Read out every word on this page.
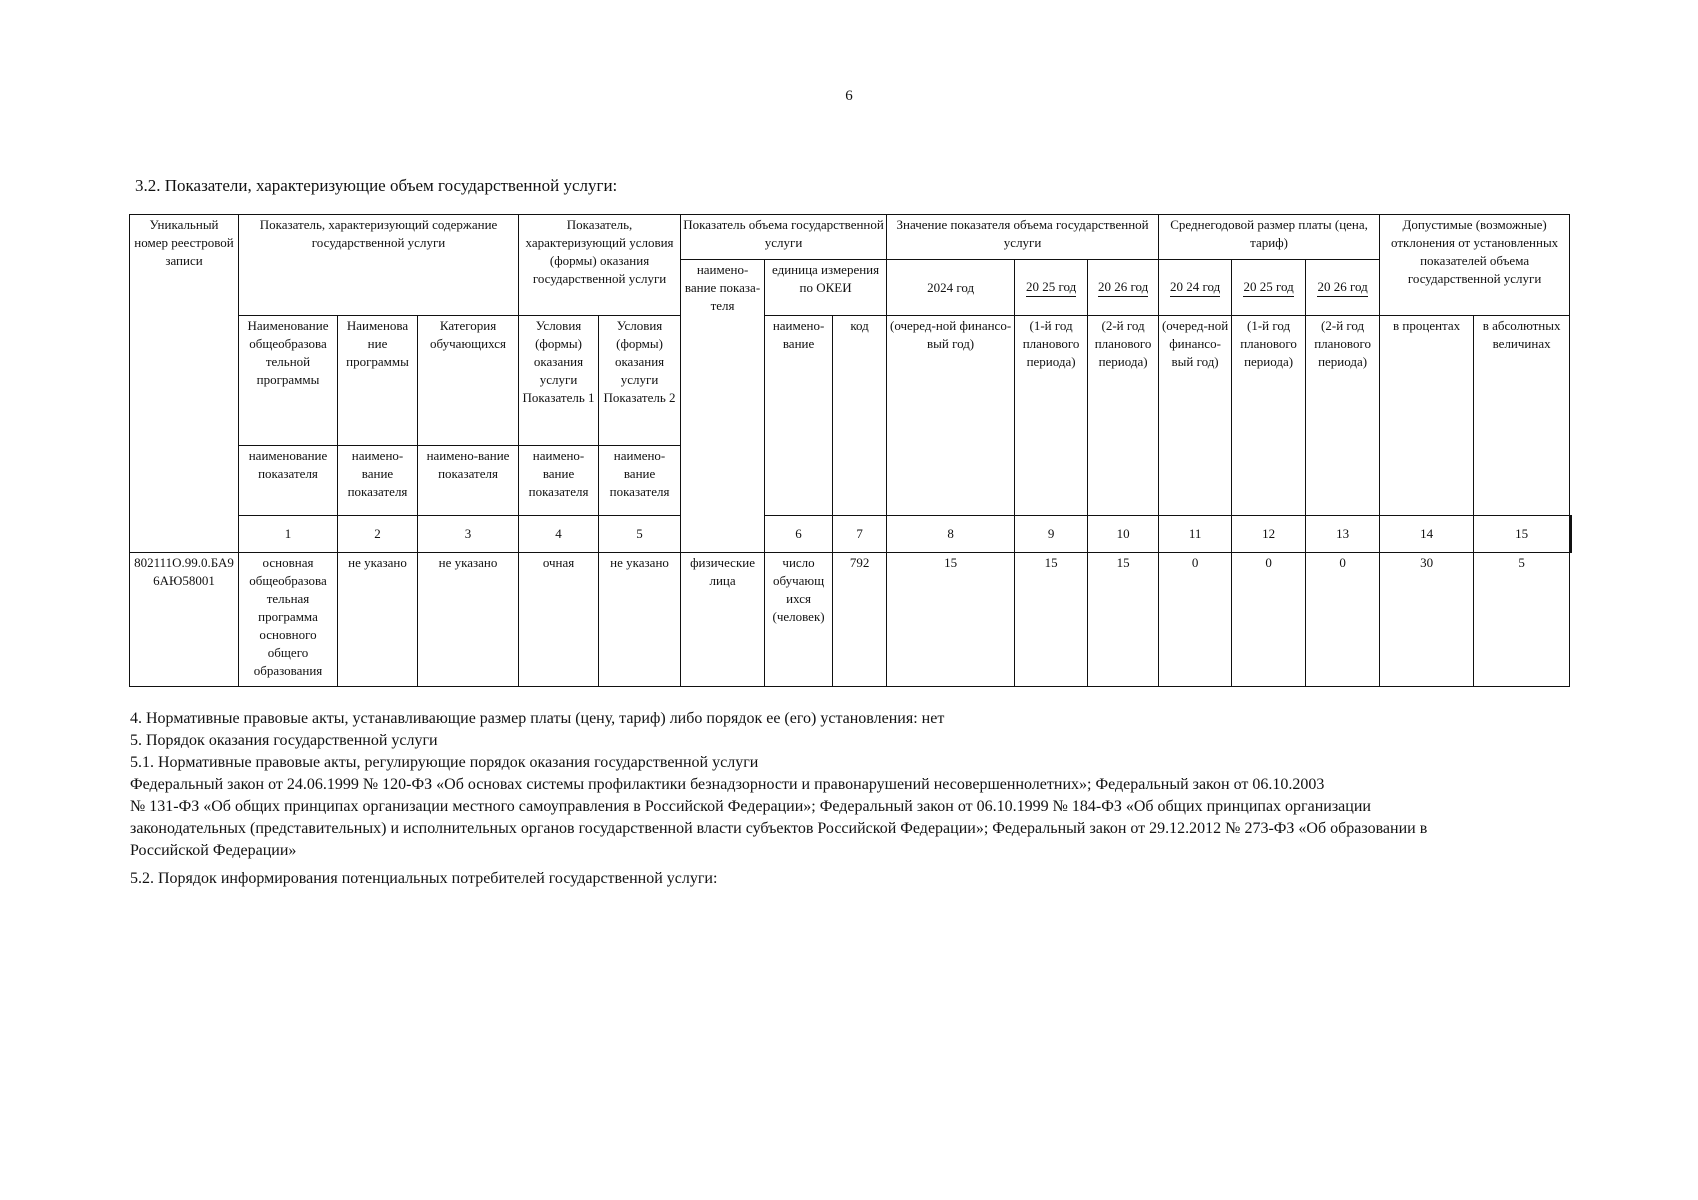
6
3.2. Показатели, характеризующие объем государственной услуги:
Уникальный номер реестровой записи	Показатель, характеризующий содержание государственной услуги			Показатель, характеризующий условия (формы) оказания государственной услуги		Показатель объема государственной услуги			Значение показателя объема государственной услуги			Среднегодовой размер платы (цена, тариф)			Допустимые (возможные) отклонения от установленных показателей объема государственной услуги		
						наимено-вание показа-теля	единица измерения по ОКЕИ		2024 год	20 25 год	20 26 год	20 24 год	20 25 год	20 26 год			
	Наименование общеобразова тельной программы	Наименова ние программы	Категория обучающихся	Условия (формы) оказания услуги Показатель 1	Условия (формы) оказания услуги Показатель 2		наимено-вание	код	(очеред-ной финансо-вый год)	(1-й год планового периода)	(2-й год планового периода)	(очеред-ной финансо-вый год)	(1-й год планового периода)	(2-й год планового периода)	в процентах	в абсолютных величинах	
	наименование показателя	наимено-вание показателя	наимено-вание показателя	наимено-вание показателя	наимено-вание показателя												
	1	2	3	4	5		6	7	8	9	10	11	12	13	14	15		
802111О.99.0.БА96АЮ58001	основная общеобразова тельная программа основного общего образования	не указано	не указано	очная	не указано	физические лица	число обучающ ихся (человек)	792	15	15	15	0	0	0	30	5	

4. Нормативные правовые акты, устанавливающие размер платы (цену, тариф) либо порядок ее (его) установления: нет

5. Порядок оказания государственной услуги

5.1. Нормативные правовые акты, регулирующие порядок оказания государственной услуги

Федеральный закон от 24.06.1999 № 120-ФЗ «Об основах системы профилактики безнадзорности и правонарушений несовершеннолетних»; Федеральный закон от 06.10.2003

№ 131-ФЗ «Об общих принципах организации местного самоуправления в Российской Федерации»; Федеральный закон от 06.10.1999 № 184-ФЗ «Об общих принципах организации

законодательных (представительных) и исполнительных органов государственной власти субъектов Российской Федерации»; Федеральный закон от 29.12.2012 № 273-ФЗ «Об образовании в

Российской Федерации»

5.2. Порядок информирования потенциальных потребителей государственной услуги:
